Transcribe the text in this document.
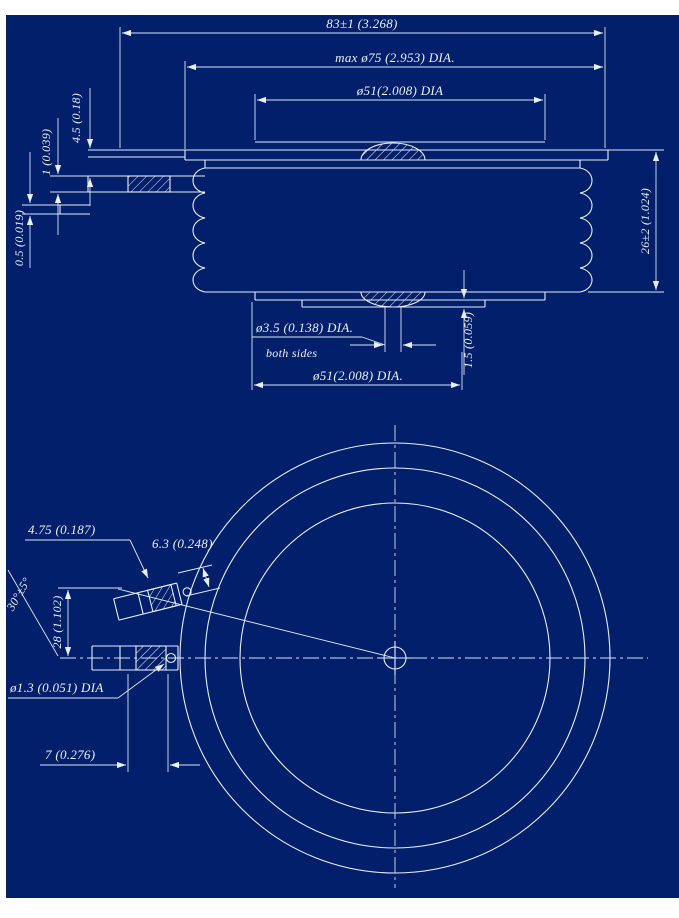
83±1 (3.268)
max ø75 (2.953) DIA.
ø51(2.008) DIA
4.5 (0.18)
1 (0.039)
0.5 (0.019)	26±2 (1.024)
ø3.5 (0.138) DIA.
both sides	1.5 (0.059)
ø51(2.008) DIA.
4.75 (0.187)
6.3 (0.248)
30°±5°
28 (1.102)
ø1.3 (0.051) DIA
7 (0.276)
